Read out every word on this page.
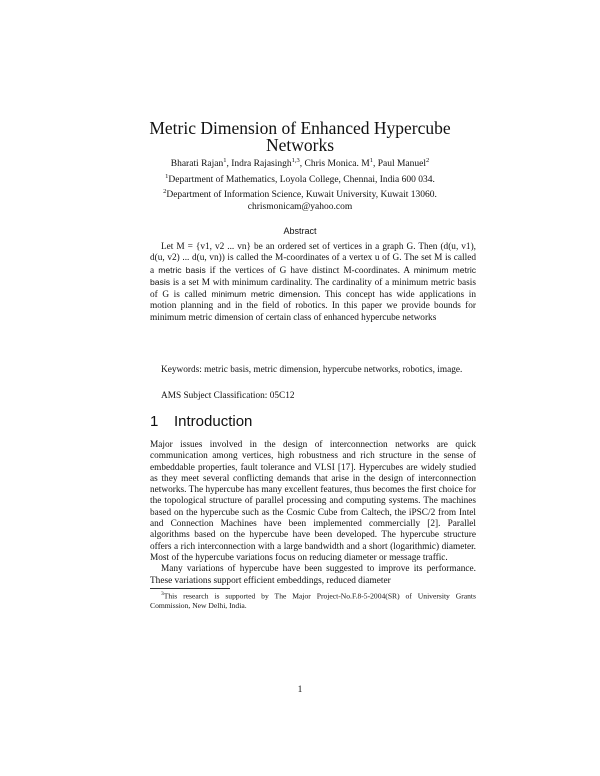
Metric Dimension of Enhanced Hypercube
Networks
Bharati Rajan$^1$, Indra Rajasingh$^{1,3}$, Chris Monica. $M^1$, Paul Manuel$^2$
$^1$Department of Mathematics, Loyola College, Chennai, India 600 034.
$^2$Department of Information Science, Kuwait University, Kuwait 13060.
chrismonicam@yahoo.com
Abstract

Let M = {v1, v2 ... vn} be an ordered set of vertices in a graph G. Then (d(u, v1), d(u, v2) ... d(u, vn)) is called the M-coordinates of a vertex u of G. The set M is called a metric basis if the vertices of G have distinct M-coordinates. A minimum metric basis is a set M with minimum cardinality. The cardinality of a minimum metric basis of G is called minimum metric dimension. This concept has wide applications in motion planning and in the field of robotics. In this paper we provide bounds for minimum metric dimension of certain class of enhanced hypercube networks

Keywords: metric basis, metric dimension, hypercube networks, robotics, image.

AMS Subject Classification: 05C12

1 Introduction

Major issues involved in the design of interconnection networks are quick communication among vertices, high robustness and rich structure in the sense of embeddable properties, fault tolerance and VLSI [17]. Hypercubes are widely studied as they meet several conflicting demands that arise in the design of interconnection networks. The hypercube has many excellent features, thus becomes the first choice for the topological structure of parallel processing and computing systems. The machines based on the hypercube such as the Cosmic Cube from Caltech, the iPSC/2 from Intel and Connection Machines have been implemented commercially [2]. Parallel algorithms based on the hypercube have been developed. The hypercube structure offers a rich interconnection with a large bandwidth and a short (logarithmic) diameter. Most of the hypercube variations focus on reducing diameter or message traffic.

Many variations of hypercube have been suggested to improve its performance. These variations support efficient embeddings, reduced diameter

$^3$This research is supported by The Major Project-No.F.8-5-2004(SR) of University Grants Commission, New Delhi, India.

1
